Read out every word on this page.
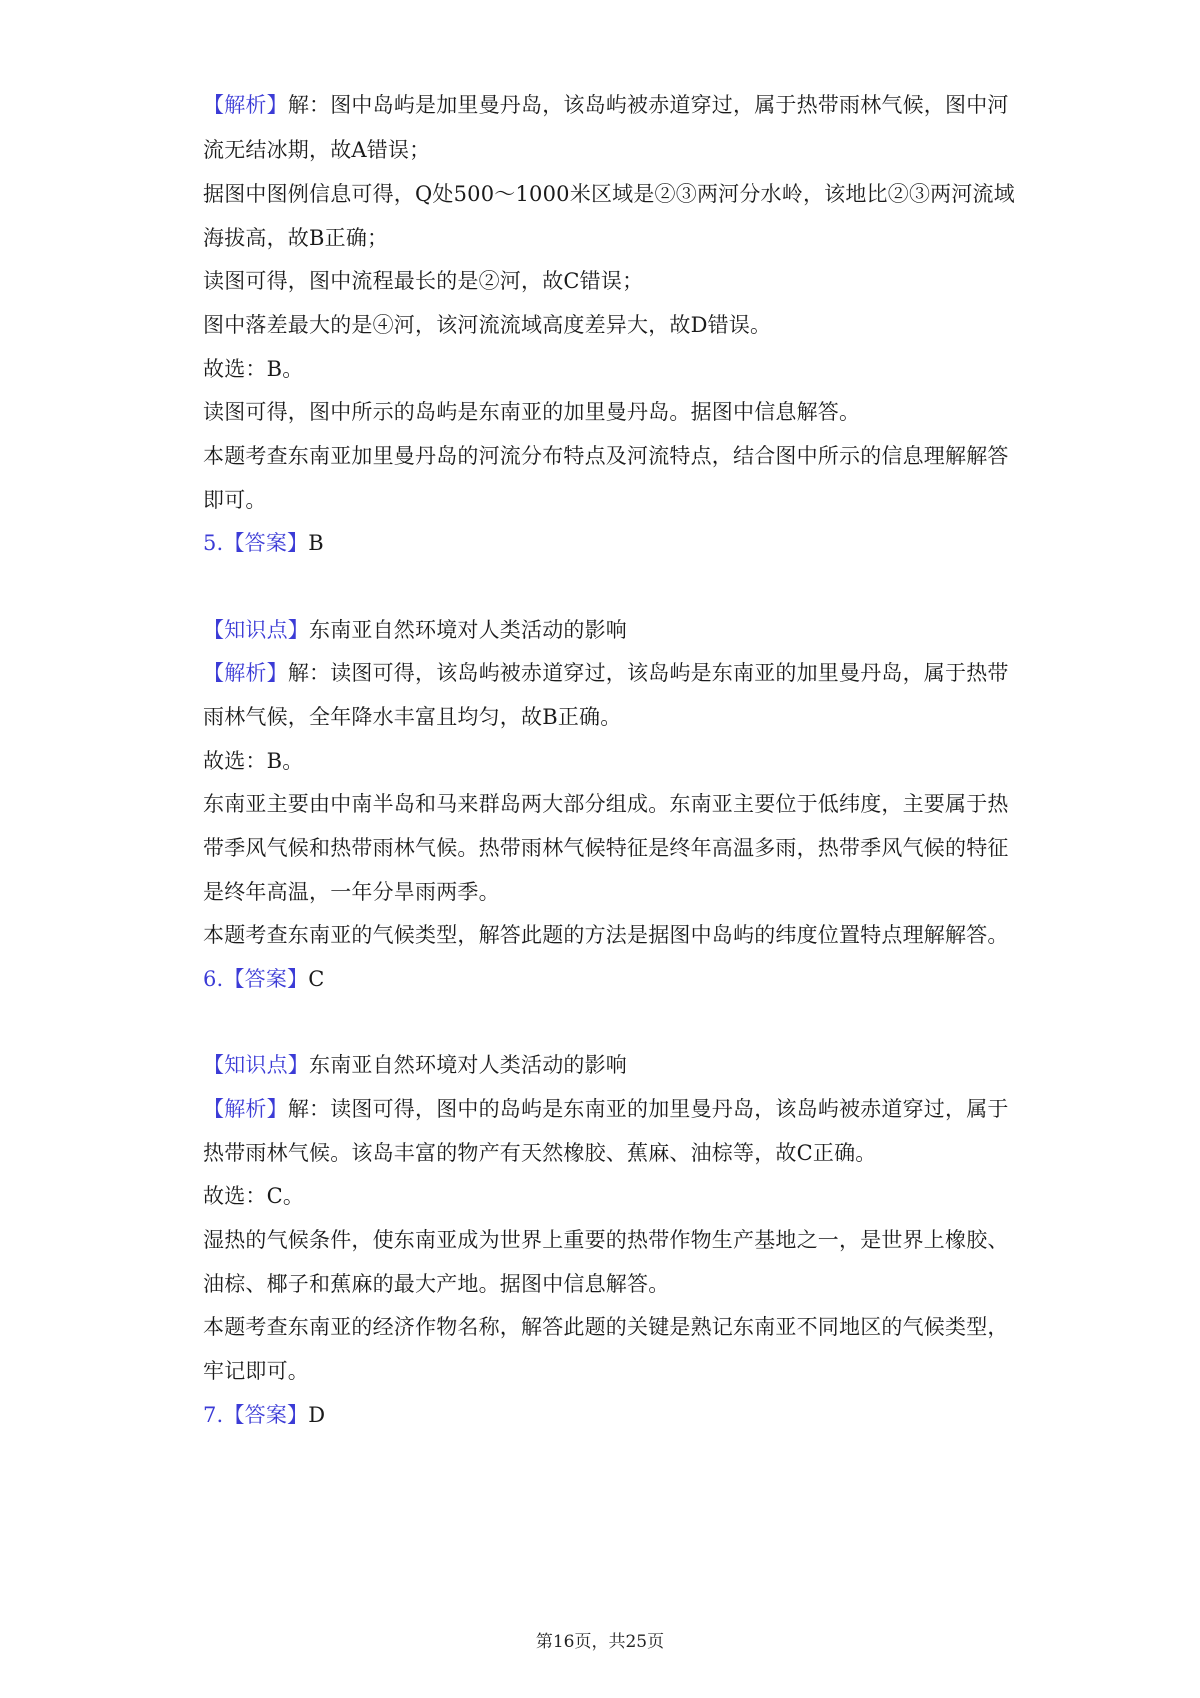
【解析】解：图中岛屿是加里曼丹岛，该岛屿被赤道穿过，属于热带雨林气候，图中河
流无结冰期，故A错误；
据图中图例信息可得，Q处500～1000米区域是②③两河分水岭，该地比②③两河流域
海拔高，故B正确；
读图可得，图中流程最长的是②河，故C错误；
图中落差最大的是④河，该河流流域高度差异大，故D错误。
故选：B。
读图可得，图中所示的岛屿是东南亚的加里曼丹岛。据图中信息解答。
本题考查东南亚加里曼丹岛的河流分布特点及河流特点，结合图中所示的信息理解解答
即可。
5.【答案】B
【知识点】东南亚自然环境对人类活动的影响
【解析】解：读图可得，该岛屿被赤道穿过，该岛屿是东南亚的加里曼丹岛，属于热带
雨林气候，全年降水丰富且均匀，故B正确。
故选：B。
东南亚主要由中南半岛和马来群岛两大部分组成。东南亚主要位于低纬度，主要属于热
带季风气候和热带雨林气候。热带雨林气候特征是终年高温多雨，热带季风气候的特征
是终年高温，一年分旱雨两季。
本题考查东南亚的气候类型，解答此题的方法是据图中岛屿的纬度位置特点理解解答。
6.【答案】C
【知识点】东南亚自然环境对人类活动的影响
【解析】解：读图可得，图中的岛屿是东南亚的加里曼丹岛，该岛屿被赤道穿过，属于
热带雨林气候。该岛丰富的物产有天然橡胶、蕉麻、油棕等，故C正确。
故选：C。
湿热的气候条件，使东南亚成为世界上重要的热带作物生产基地之一，是世界上橡胶、
油棕、椰子和蕉麻的最大产地。据图中信息解答。
本题考查东南亚的经济作物名称，解答此题的关键是熟记东南亚不同地区的气候类型，
牢记即可。
7.【答案】D
第16页，共25页
